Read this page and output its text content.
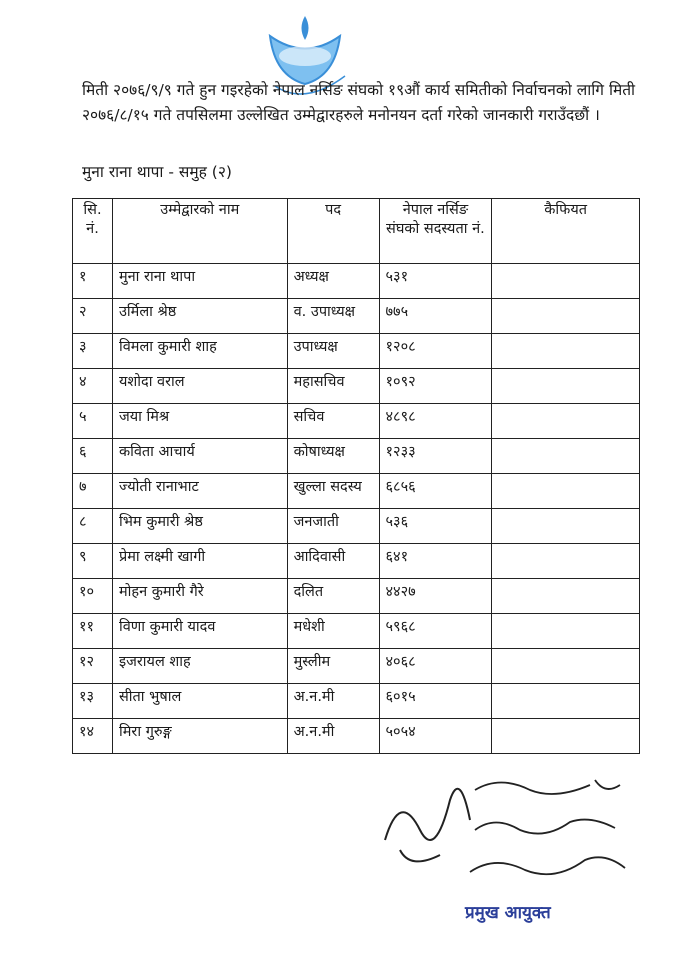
मिती २०७६/९/९ गते हुन गइरहेको नेपाल नर्सिङ संघको १९औं कार्य समितीको निर्वाचनको लागि मिती २०७६/८/१५ गते तपसिलमा उल्लेखित उम्मेद्वारहरुले मनोनयन दर्ता गरेको जानकारी गराउँदछौं ।

मुना राना थापा - समुह (२)

सि. नं.	उम्मेद्वारको नाम	पद	नेपाल नर्सिङ संघको सदस्यता नं.	कैफियत
१	मुना राना थापा	अध्यक्ष	५३१	
२	उर्मिला श्रेष्ठ	व. उपाध्यक्ष	७७५	
३	विमला कुमारी शाह	उपाध्यक्ष	१२०८	
४	यशोदा वराल	महासचिव	१०९२	
५	जया मिश्र	सचिव	४८९८	
६	कविता आचार्य	कोषाध्यक्ष	१२३३	
७	ज्योती रानाभाट	खुल्ला सदस्य	६८५६	
८	भिम कुमारी श्रेष्ठ	जनजाती	५३६	
९	प्रेमा लक्ष्मी खागी	आदिवासी	६४१	
१०	मोहन कुमारी गैरे	दलित	४४२७	
११	विणा कुमारी यादव	मधेशी	५९६८	
१२	इजरायल शाह	मुस्लीम	४०६८	
१३	सीता भुषाल	अ.न.मी	६०१५	
१४	मिरा गुरुङ्ग	अ.न.मी	५०५४	

प्रमुख आयुक्त
